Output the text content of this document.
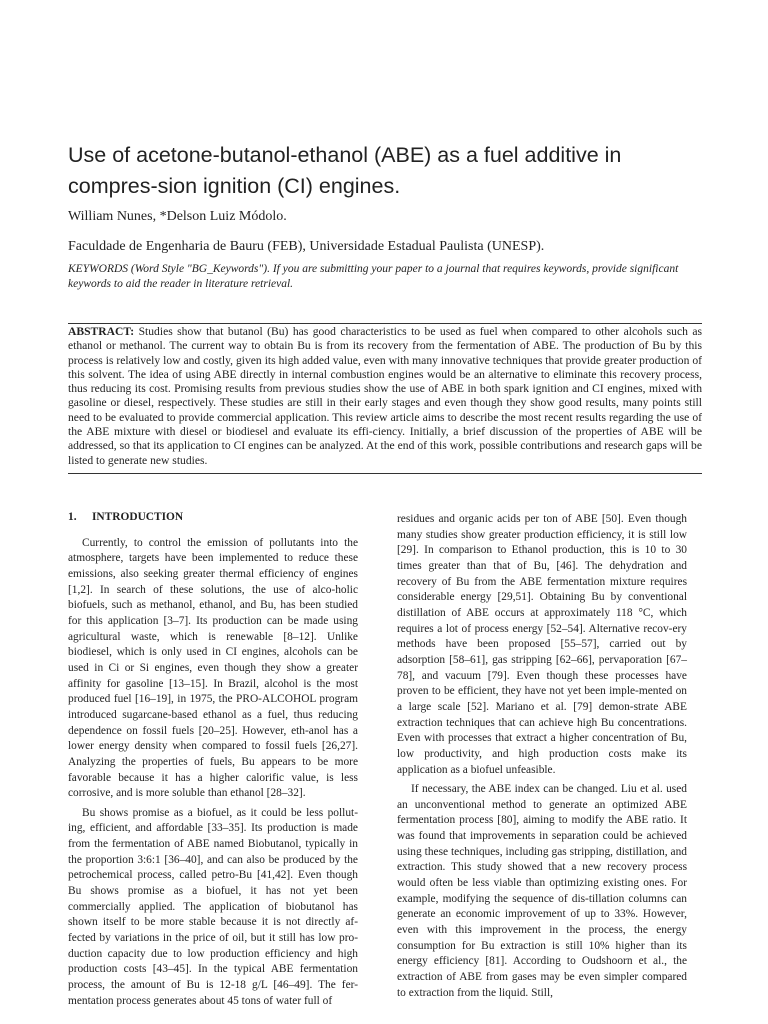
Use of acetone-butanol-ethanol (ABE) as a fuel additive in compres-sion ignition (CI) engines.
William Nunes, *Delson Luiz Módolo.
Faculdade de Engenharia de Bauru (FEB), Universidade Estadual Paulista (UNESP).
KEYWORDS (Word Style "BG_Keywords"). If you are submitting your paper to a journal that requires keywords, provide significant keywords to aid the reader in literature retrieval.
ABSTRACT: Studies show that butanol (Bu) has good characteristics to be used as fuel when compared to other alcohols such as ethanol or methanol. The current way to obtain Bu is from its recovery from the fermentation of ABE. The production of Bu by this process is relatively low and costly, given its high added value, even with many innovative techniques that provide greater production of this solvent. The idea of using ABE directly in internal combustion engines would be an alternative to eliminate this recovery process, thus reducing its cost. Promising results from previous studies show the use of ABE in both spark ignition and CI engines, mixed with gasoline or diesel, respectively. These studies are still in their early stages and even though they show good results, many points still need to be evaluated to provide commercial application. This review article aims to describe the most recent results regarding the use of the ABE mixture with diesel or biodiesel and evaluate its effi-ciency. Initially, a brief discussion of the properties of ABE will be addressed, so that its application to CI engines can be analyzed. At the end of this work, possible contributions and research gaps will be listed to generate new studies.
1. INTRODUCTION

Currently, to control the emission of pollutants into the atmosphere, targets have been implemented to reduce these emissions, also seeking greater thermal efficiency of engines [1,2]. In search of these solutions, the use of alco-holic biofuels, such as methanol, ethanol, and Bu, has been studied for this application [3–7]. Its production can be made using agricultural waste, which is renewable [8–12]. Unlike biodiesel, which is only used in CI engines, alcohols can be used in Ci or Si engines, even though they show a greater affinity for gasoline [13–15]. In Brazil, alcohol is the most produced fuel [16–19], in 1975, the PRO-ALCOHOL program introduced sugarcane-based ethanol as a fuel, thus reducing dependence on fossil fuels [20–25]. However, eth-anol has a lower energy density when compared to fossil fuels [26,27]. Analyzing the properties of fuels, Bu appears to be more favorable because it has a higher calorific value, is less corrosive, and is more soluble than ethanol [28–32].

Bu shows promise as a biofuel, as it could be less pollut-ing, efficient, and affordable [33–35]. Its production is made from the fermentation of ABE named Biobutanol, typically in the proportion 3:6:1 [36–40], and can also be produced by the petrochemical process, called petro-Bu [41,42]. Even though Bu shows promise as a biofuel, it has not yet been commercially applied. The application of biobutanol has shown itself to be more stable because it is not directly af-fected by variations in the price of oil, but it still has low pro-duction capacity due to low production efficiency and high production costs [43–45]. In the typical ABE fermentation process, the amount of Bu is 12-18 g/L [46–49]. The fer-mentation process generates about 45 tons of water full of

residues and organic acids per ton of ABE [50]. Even though many studies show greater production efficiency, it is still low [29]. In comparison to Ethanol production, this is 10 to 30 times greater than that of Bu, [46]. The dehydration and recovery of Bu from the ABE fermentation mixture requires considerable energy [29,51]. Obtaining Bu by conventional distillation of ABE occurs at approximately 118 °C, which requires a lot of process energy [52–54]. Alternative recov-ery methods have been proposed [55–57], carried out by adsorption [58–61], gas stripping [62–66], pervaporation [67–78], and vacuum [79]. Even though these processes have proven to be efficient, they have not yet been imple-mented on a large scale [52]. Mariano et al. [79] demon-strate ABE extraction techniques that can achieve high Bu concentrations. Even with processes that extract a higher concentration of Bu, low productivity, and high production costs make its application as a biofuel unfeasible.

If necessary, the ABE index can be changed. Liu et al. used an unconventional method to generate an optimized ABE fermentation process [80], aiming to modify the ABE ratio. It was found that improvements in separation could be achieved using these techniques, including gas stripping, distillation, and extraction. This study showed that a new recovery process would often be less viable than optimizing existing ones. For example, modifying the sequence of dis-tillation columns can generate an economic improvement of up to 33%. However, even with this improvement in the process, the energy consumption for Bu extraction is still 10% higher than its energy efficiency [81]. According to Oudshoorn et al., the extraction of ABE from gases may be even simpler compared to extraction from the liquid. Still,
